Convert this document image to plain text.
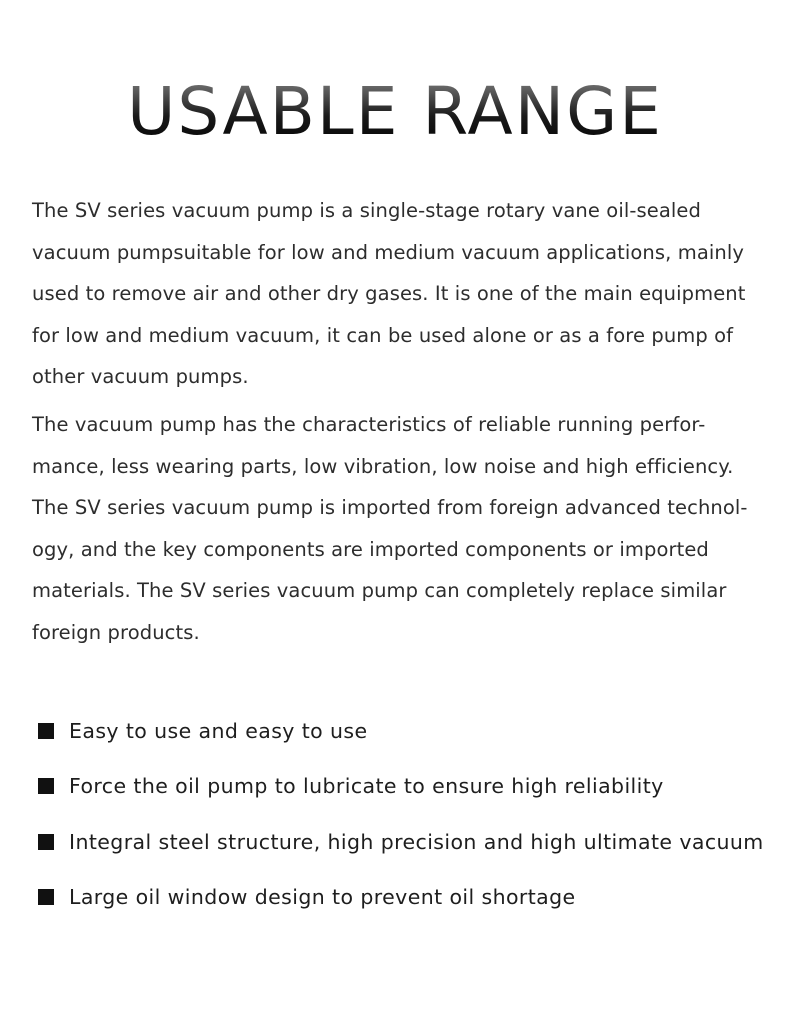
USABLE RANGE

The SV series vacuum pump is a single-stage rotary vane oil-sealed vacuum pumpsuitable for low and medium vacuum applications, mainly used to remove air and other dry gases. It is one of the main equipment for low and medium vacuum, it can be used alone or as a fore pump of other vacuum pumps.

The vacuum pump has the characteristics of reliable running perfor-mance, less wearing parts, low vibration, low noise and high efficiency. The SV series vacuum pump is imported from foreign advanced technol-ogy, and the key components are imported components or imported materials. The SV series vacuum pump can completely replace similar foreign products.

Easy to use and easy to use
Force the oil pump to lubricate to ensure high reliability
Integral steel structure, high precision and high ultimate vacuum
Large oil window design to prevent oil shortage
